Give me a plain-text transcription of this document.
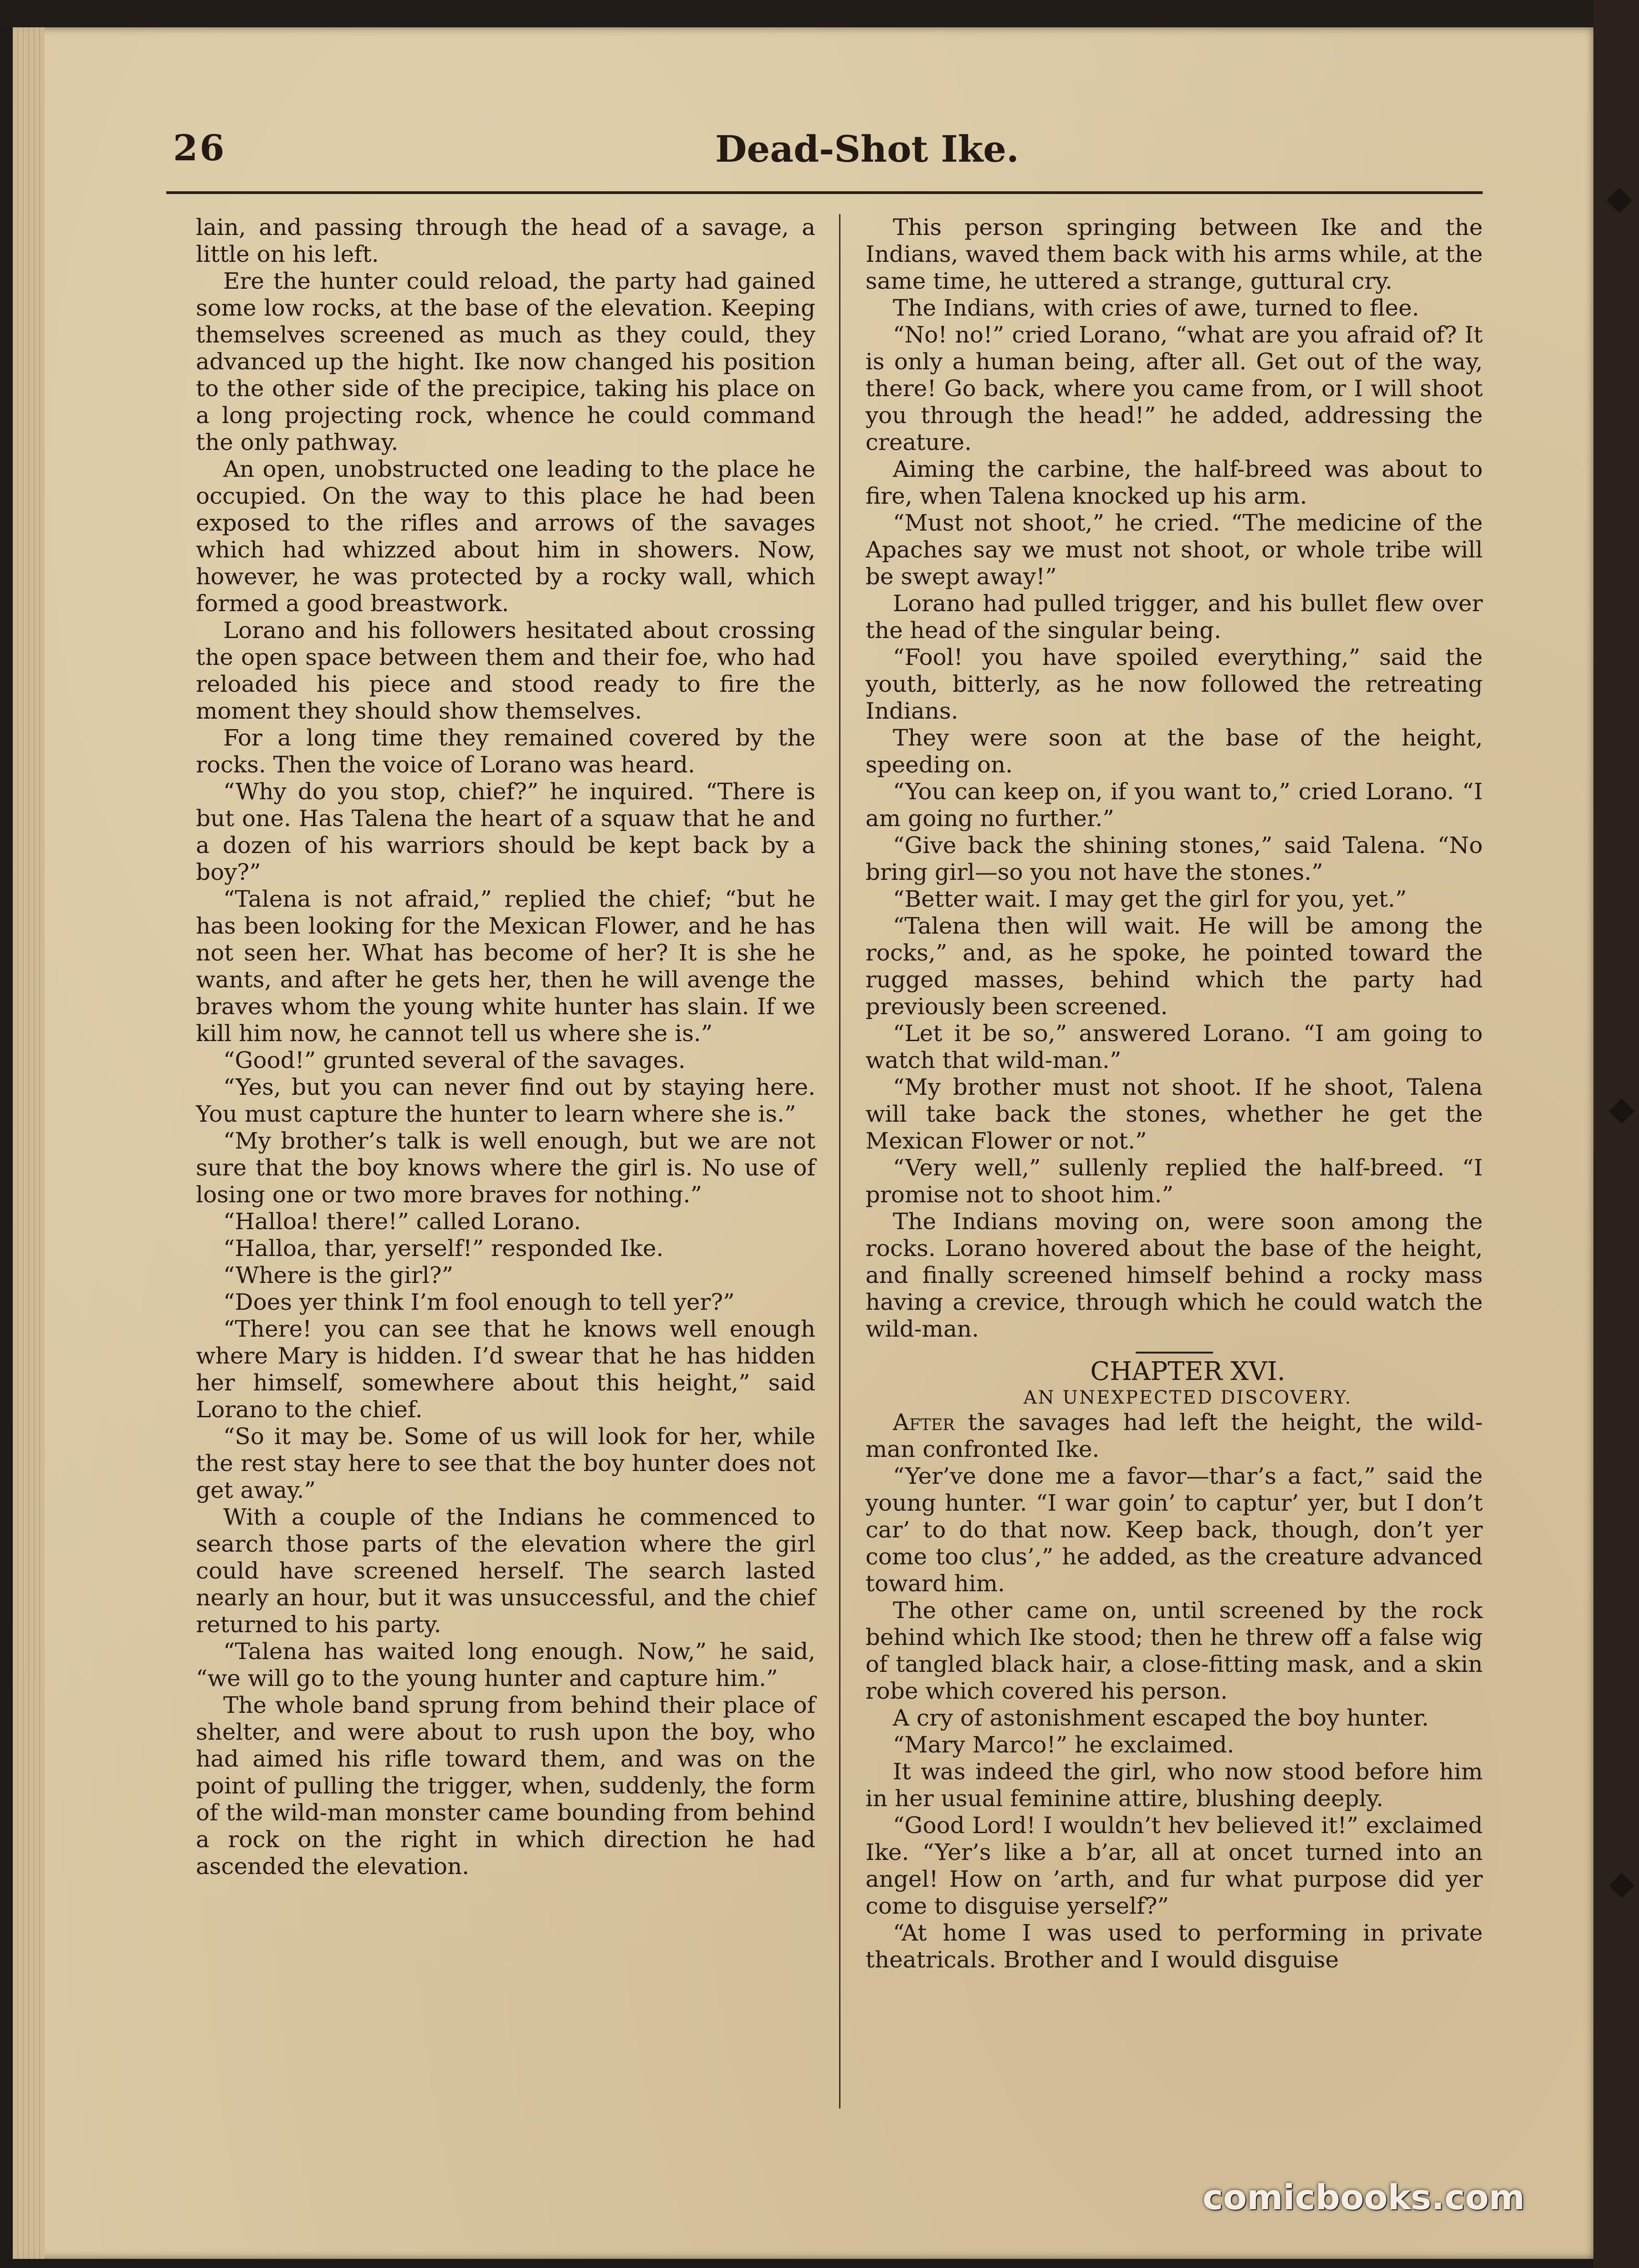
26	Dead-Shot Ike.

lain, and passing through the head of a savage, a little on his left.

Ere the hunter could reload, the party had gained some low rocks, at the base of the elevation. Keeping themselves screened as much as they could, they advanced up the hight. Ike now changed his position to the other side of the precipice, taking his place on a long projecting rock, whence he could command the only pathway.

An open, unobstructed one leading to the place he occupied. On the way to this place he had been exposed to the rifles and arrows of the savages which had whizzed about him in showers. Now, however, he was protected by a rocky wall, which formed a good breastwork.

Lorano and his followers hesitated about crossing the open space between them and their foe, who had reloaded his piece and stood ready to fire the moment they should show themselves.

For a long time they remained covered by the rocks. Then the voice of Lorano was heard.

“Why do you stop, chief?” he inquired. “There is but one. Has Talena the heart of a squaw that he and a dozen of his warriors should be kept back by a boy?”

“Talena is not afraid,” replied the chief; “but he has been looking for the Mexican Flower, and he has not seen her. What has become of her? It is she he wants, and after he gets her, then he will avenge the braves whom the young white hunter has slain. If we kill him now, he cannot tell us where she is.”

“Good!” grunted several of the savages.

“Yes, but you can never find out by staying here. You must capture the hunter to learn where she is.”

“My brother’s talk is well enough, but we are not sure that the boy knows where the girl is. No use of losing one or two more braves for nothing.”

“Halloa! there!” called Lorano.

“Halloa, thar, yerself!” responded Ike.

“Where is the girl?”

“Does yer think I’m fool enough to tell yer?”

“There! you can see that he knows well enough where Mary is hidden. I’d swear that he has hidden her himself, somewhere about this height,” said Lorano to the chief.

“So it may be. Some of us will look for her, while the rest stay here to see that the boy hunter does not get away.”

With a couple of the Indians he commenced to search those parts of the elevation where the girl could have screened herself. The search lasted nearly an hour, but it was unsuccessful, and the chief returned to his party.

“Talena has waited long enough. Now,” he said, “we will go to the young hunter and capture him.”

The whole band sprung from behind their place of shelter, and were about to rush upon the boy, who had aimed his rifle toward them, and was on the point of pulling the trigger, when, suddenly, the form of the wild-man monster came bounding from behind a rock on the right in which direction he had ascended the elevation.

This person springing between Ike and the Indians, waved them back with his arms while, at the same time, he uttered a strange, guttural cry.

The Indians, with cries of awe, turned to flee.

“No! no!” cried Lorano, “what are you afraid of? It is only a human being, after all. Get out of the way, there! Go back, where you came from, or I will shoot you through the head!” he added, addressing the creature.

Aiming the carbine, the half-breed was about to fire, when Talena knocked up his arm.

“Must not shoot,” he cried. “The medicine of the Apaches say we must not shoot, or whole tribe will be swept away!”

Lorano had pulled trigger, and his bullet flew over the head of the singular being.

“Fool! you have spoiled everything,” said the youth, bitterly, as he now followed the retreating Indians.

They were soon at the base of the height, speeding on.

“You can keep on, if you want to,” cried Lorano. “I am going no further.”

“Give back the shining stones,” said Talena. “No bring girl—so you not have the stones.”

“Better wait. I may get the girl for you, yet.”

“Talena then will wait. He will be among the rocks,” and, as he spoke, he pointed toward the rugged masses, behind which the party had previously been screened.

“Let it be so,” answered Lorano. “I am going to watch that wild-man.”

“My brother must not shoot. If he shoot, Talena will take back the stones, whether he get the Mexican Flower or not.”

“Very well,” sullenly replied the half-breed. “I promise not to shoot him.”

The Indians moving on, were soon among the rocks. Lorano hovered about the base of the height, and finally screened himself behind a rocky mass having a crevice, through which he could watch the wild-man.

CHAPTER XVI.

AN UNEXPECTED DISCOVERY.

After the savages had left the height, the wild-man confronted Ike.

“Yer’ve done me a favor—thar’s a fact,” said the young hunter. “I war goin’ to captur’ yer, but I don’t car’ to do that now. Keep back, though, don’t yer come too clus’,” he added, as the creature advanced toward him.

The other came on, until screened by the rock behind which Ike stood; then he threw off a false wig of tangled black hair, a close-fitting mask, and a skin robe which covered his person.

A cry of astonishment escaped the boy hunter.

“Mary Marco!” he exclaimed.

It was indeed the girl, who now stood before him in her usual feminine attire, blushing deeply.

“Good Lord! I wouldn’t hev believed it!” exclaimed Ike. “Yer’s like a b’ar, all at oncet turned into an angel! How on ’arth, and fur what purpose did yer come to disguise yerself?”

“At home I was used to performing in private theatricals. Brother and I would disguise

comicbooks.com
